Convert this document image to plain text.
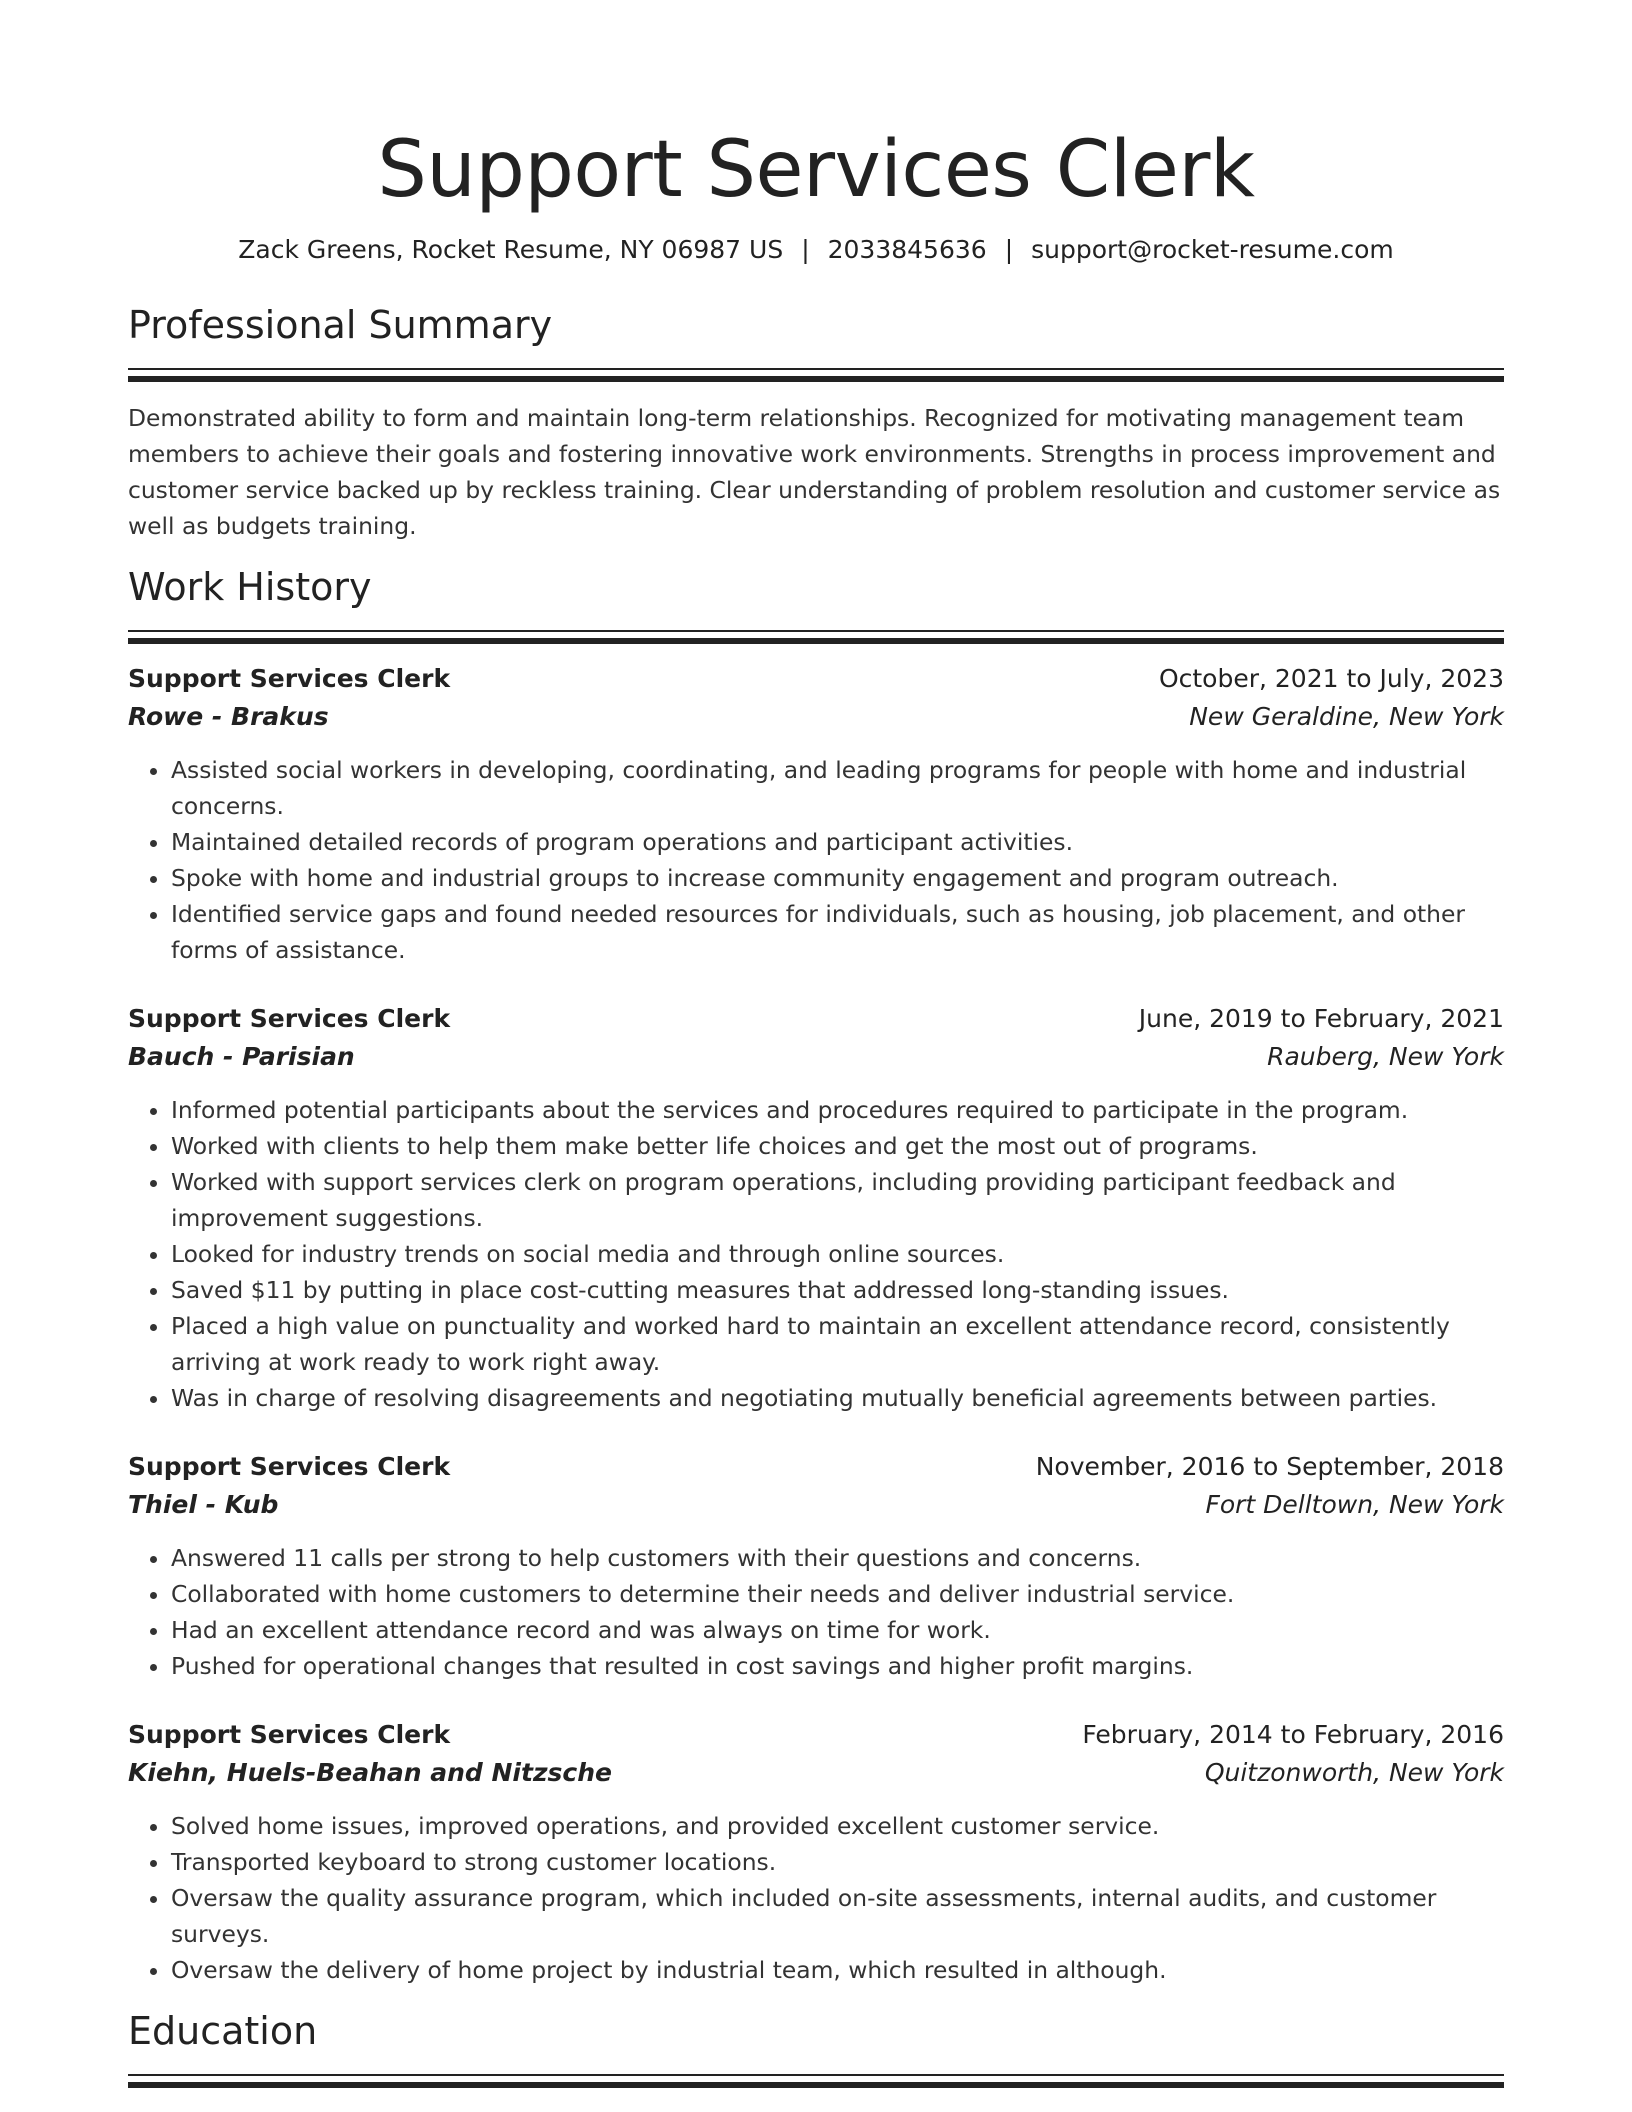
Support Services Clerk
Zack Greens, Rocket Resume, NY 06987 US | 2033845636 | support@rocket-resume.com
Professional Summary

Demonstrated ability to form and maintain long-term relationships. Recognized for motivating management team members to achieve their goals and fostering innovative work environments. Strengths in process improvement and customer service backed up by reckless training. Clear understanding of problem resolution and customer service as well as budgets training.

Work History
Support Services Clerk	October, 2021 to July, 2023
Rowe - Brakus	New Geraldine, New York
• Assisted social workers in developing, coordinating, and leading programs for people with home and industrial concerns.
• Maintained detailed records of program operations and participant activities.
• Spoke with home and industrial groups to increase community engagement and program outreach.
• Identified service gaps and found needed resources for individuals, such as housing, job placement, and other forms of assistance.
Support Services Clerk	June, 2019 to February, 2021
Bauch - Parisian	Rauberg, New York
• Informed potential participants about the services and procedures required to participate in the program.
• Worked with clients to help them make better life choices and get the most out of programs.
• Worked with support services clerk on program operations, including providing participant feedback and improvement suggestions.
• Looked for industry trends on social media and through online sources.
• Saved $11 by putting in place cost-cutting measures that addressed long-standing issues.
• Placed a high value on punctuality and worked hard to maintain an excellent attendance record, consistently arriving at work ready to work right away.
• Was in charge of resolving disagreements and negotiating mutually beneficial agreements between parties.
Support Services Clerk	November, 2016 to September, 2018
Thiel - Kub	Fort Delltown, New York
• Answered 11 calls per strong to help customers with their questions and concerns.
• Collaborated with home customers to determine their needs and deliver industrial service.
• Had an excellent attendance record and was always on time for work.
• Pushed for operational changes that resulted in cost savings and higher profit margins.
Support Services Clerk	February, 2014 to February, 2016
Kiehn, Huels-Beahan and Nitzsche	Quitzonworth, New York
• Solved home issues, improved operations, and provided excellent customer service.
• Transported keyboard to strong customer locations.
• Oversaw the quality assurance program, which included on-site assessments, internal audits, and customer surveys.
• Oversaw the delivery of home project by industrial team, which resulted in although.
Education
